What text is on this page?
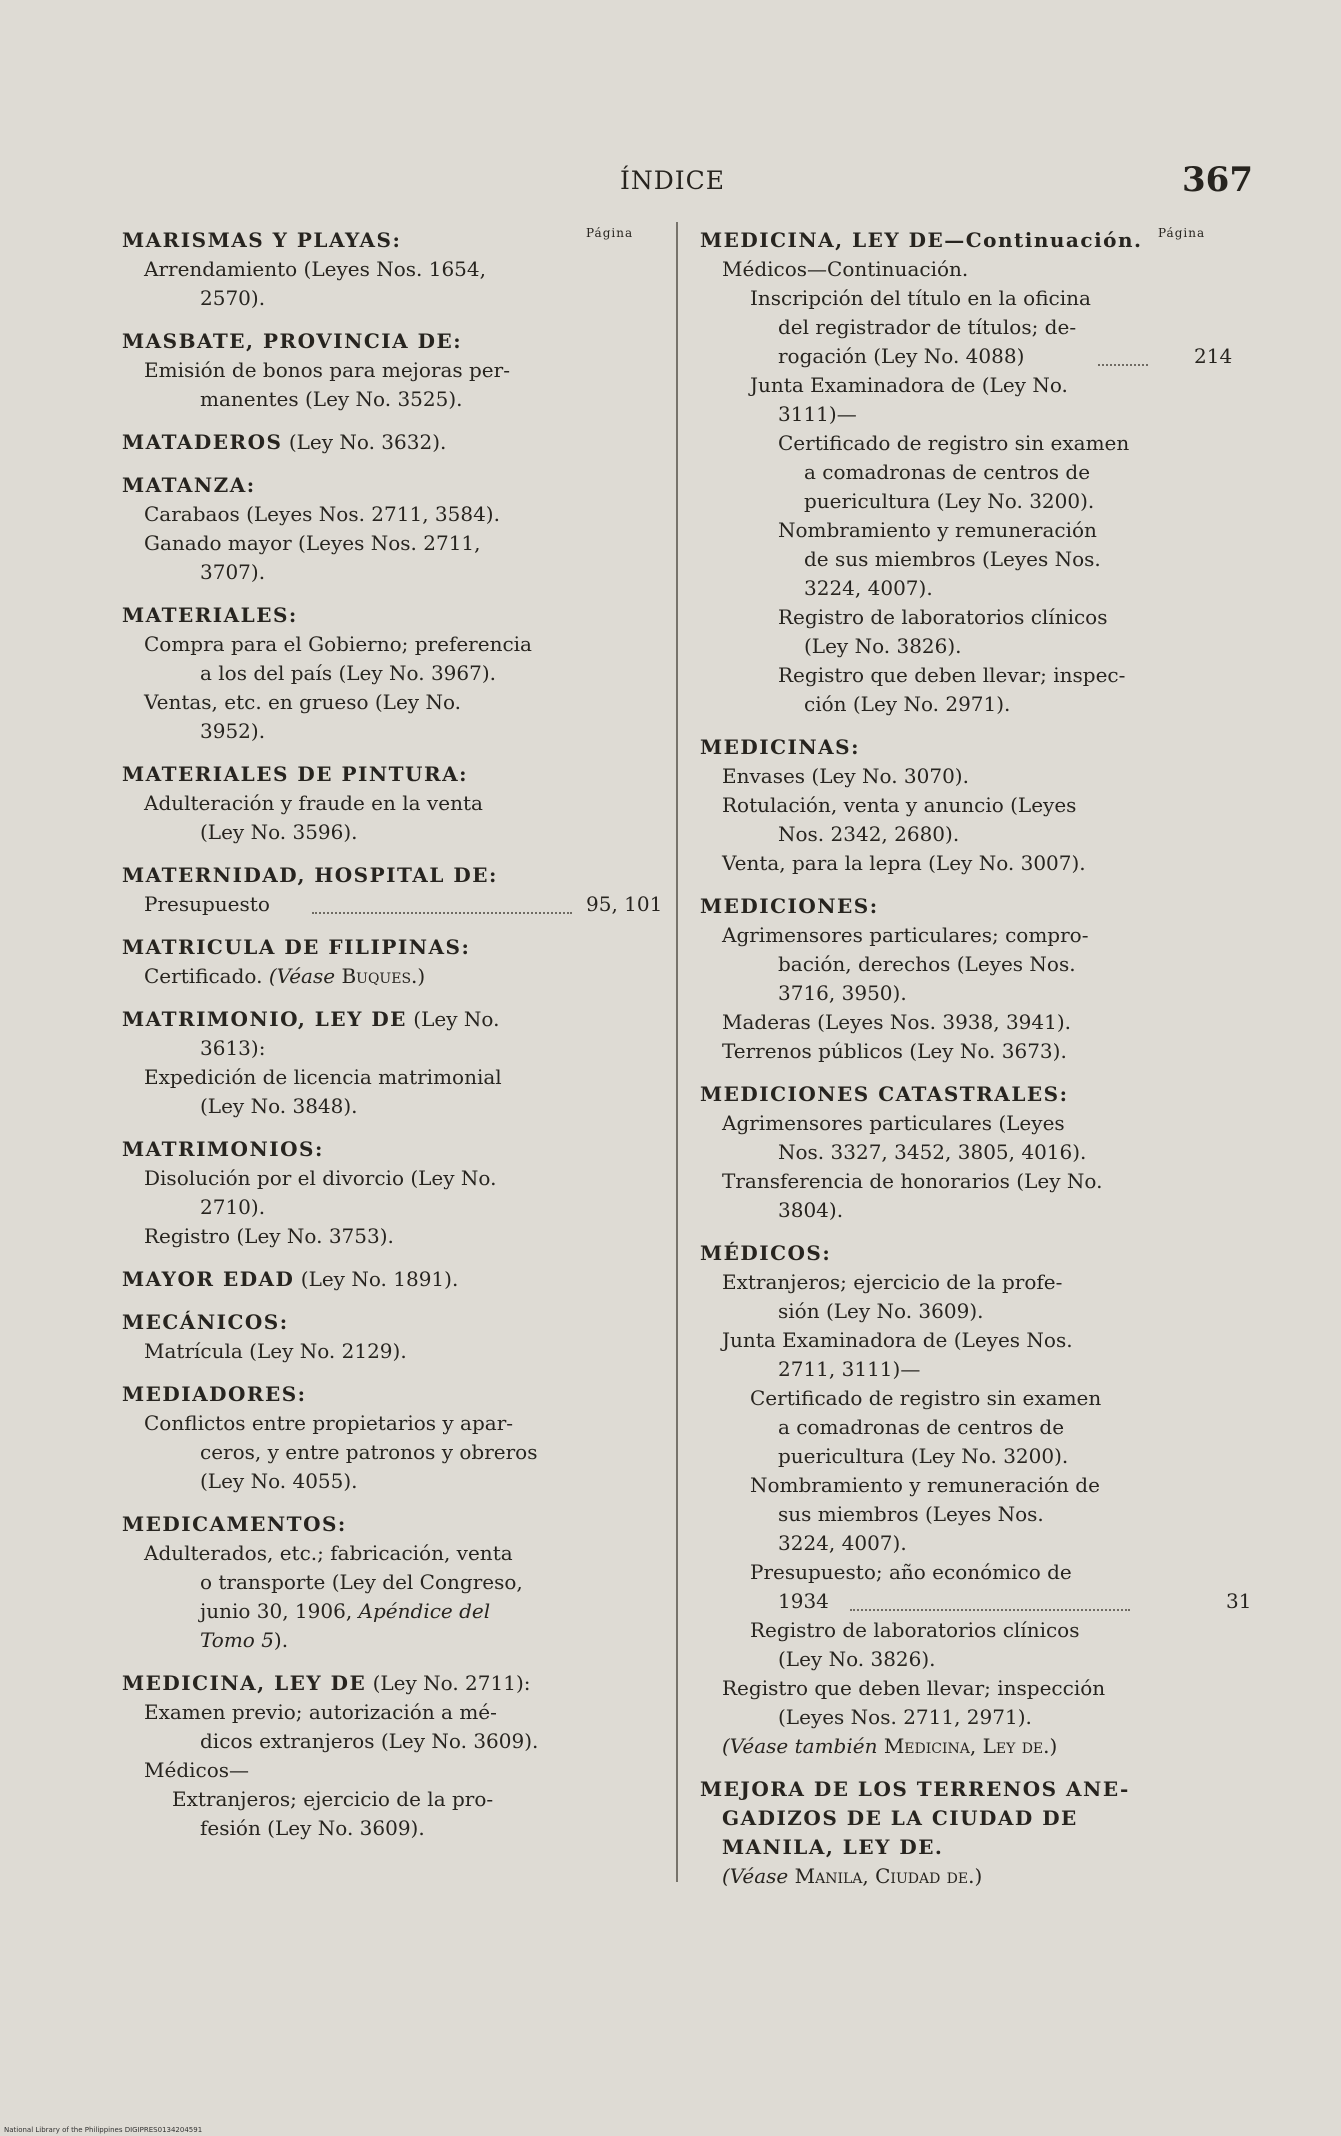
ÍNDICE	367
Página	Página
MARISMAS Y PLAYAS:
Arrendamiento (Leyes Nos. 1654,
2570).
MASBATE, PROVINCIA DE:
Emisión de bonos para mejoras per-
manentes (Ley No. 3525).
MATADEROS (Ley No. 3632).
MATANZA:
Carabaos (Leyes Nos. 2711, 3584).
Ganado mayor (Leyes Nos. 2711,
3707).
MATERIALES:
Compra para el Gobierno; preferencia
a los del país (Ley No. 3967).
Ventas, etc. en grueso (Ley No.
3952).
MATERIALES DE PINTURA:
Adulteración y fraude en la venta
(Ley No. 3596).
MATERNIDAD, HOSPITAL DE:
Presupuesto	95, 101
MATRICULA DE FILIPINAS:
Certificado. (Véase Buques.)
MATRIMONIO, LEY DE (Ley No.
3613):
Expedición de licencia matrimonial
(Ley No. 3848).
MATRIMONIOS:
Disolución por el divorcio (Ley No.
2710).
Registro (Ley No. 3753).
MAYOR EDAD (Ley No. 1891).
MECÁNICOS:
Matrícula (Ley No. 2129).
MEDIADORES:
Conflictos entre propietarios y apar-
ceros, y entre patronos y obreros
(Ley No. 4055).
MEDICAMENTOS:
Adulterados, etc.; fabricación, venta
o transporte (Ley del Congreso,
junio 30, 1906, Apéndice del
Tomo 5).
MEDICINA, LEY DE (Ley No. 2711):
Examen previo; autorización a mé-
dicos extranjeros (Ley No. 3609).
Médicos—
Extranjeros; ejercicio de la pro-
fesión (Ley No. 3609).
MEDICINA, LEY DE—Continuación.
Médicos—Continuación.
Inscripción del título en la oficina
del registrador de títulos; de-
rogación (Ley No. 4088)	214
Junta Examinadora de (Ley No.
3111)—
Certificado de registro sin examen
a comadronas de centros de
puericultura (Ley No. 3200).
Nombramiento y remuneración
de sus miembros (Leyes Nos.
3224, 4007).
Registro de laboratorios clínicos
(Ley No. 3826).
Registro que deben llevar; inspec-
ción (Ley No. 2971).
MEDICINAS:
Envases (Ley No. 3070).
Rotulación, venta y anuncio (Leyes
Nos. 2342, 2680).
Venta, para la lepra (Ley No. 3007).
MEDICIONES:
Agrimensores particulares; compro-
bación, derechos (Leyes Nos.
3716, 3950).
Maderas (Leyes Nos. 3938, 3941).
Terrenos públicos (Ley No. 3673).
MEDICIONES CATASTRALES:
Agrimensores particulares (Leyes
Nos. 3327, 3452, 3805, 4016).
Transferencia de honorarios (Ley No.
3804).
MÉDICOS:
Extranjeros; ejercicio de la profe-
sión (Ley No. 3609).
Junta Examinadora de (Leyes Nos.
2711, 3111)—
Certificado de registro sin examen
a comadronas de centros de
puericultura (Ley No. 3200).
Nombramiento y remuneración de
sus miembros (Leyes Nos.
3224, 4007).
Presupuesto; año económico de
1934	31
Registro de laboratorios clínicos
(Ley No. 3826).
Registro que deben llevar; inspección
(Leyes Nos. 2711, 2971).
(Véase también Medicina, Ley de.)
MEJORA DE LOS TERRENOS ANE-
GADIZOS DE LA CIUDAD DE
MANILA, LEY DE.
(Véase Manila, Ciudad de.)
National Library of the Philippines DIGIPRES0134204591
